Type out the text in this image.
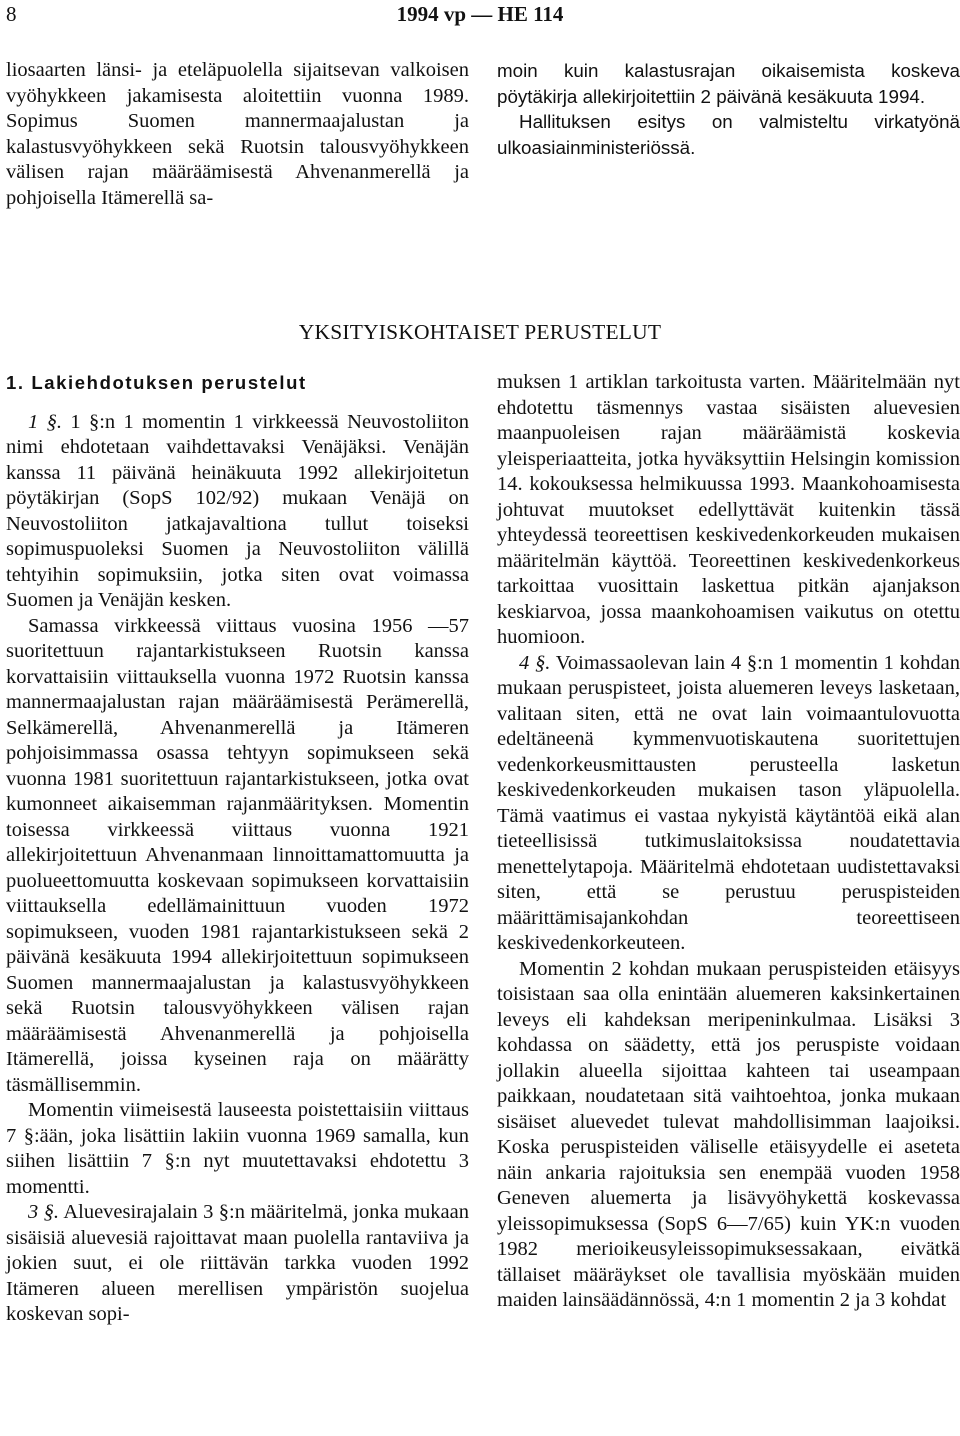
8	1994 vp — HE 114

liosaarten länsi- ja eteläpuolella sijaitsevan valkoisen vyöhykkeen jakamisesta aloitettiin vuonna 1989. Sopimus Suomen mannermaajalustan ja kalastusvyöhykkeen sekä Ruotsin talousvyöhykkeen välisen rajan määräämisestä Ahvenanmerellä ja pohjoisella Itämerellä sa-

moin kuin kalastusrajan oikaisemista koskeva pöytäkirja allekirjoitettiin 2 päivänä kesäkuuta 1994.

Hallituksen esitys on valmisteltu virkatyönä ulkoasiainministeriössä.

YKSITYISKOHTAISET PERUSTELUT

1. Lakiehdotuksen perustelut

1 §. 1 §:n 1 momentin 1 virkkeessä Neuvostoliiton nimi ehdotetaan vaihdettavaksi Venäjäksi. Venäjän kanssa 11 päivänä heinäkuuta 1992 allekirjoitetun pöytäkirjan (SopS 102/92) mukaan Venäjä on Neuvostoliiton jatkajavaltiona tullut toiseksi sopimuspuoleksi Suomen ja Neuvostoliiton välillä tehtyihin sopimuksiin, jotka siten ovat voimassa Suomen ja Venäjän kesken.

Samassa virkkeessä viittaus vuosina 1956 —57 suoritettuun rajantarkistukseen Ruotsin kanssa korvattaisiin viittauksella vuonna 1972 Ruotsin kanssa mannermaajalustan rajan määräämisestä Perämerellä, Selkämerellä, Ahvenanmerellä ja Itämeren pohjoisimmassa osassa tehtyyn sopimukseen sekä vuonna 1981 suoritettuun rajantarkistukseen, jotka ovat kumonneet aikaisemman rajanmäärityksen. Momentin toisessa virkkeessä viittaus vuonna 1921 allekirjoitettuun Ahvenanmaan linnoittamattomuutta ja puolueettomuutta koskevaan sopimukseen korvattaisiin viittauksella edellämainittuun vuoden 1972 sopimukseen, vuoden 1981 rajantarkistukseen sekä 2 päivänä kesäkuuta 1994 allekirjoitettuun sopimukseen Suomen mannermaajalustan ja kalastusvyöhykkeen sekä Ruotsin talousvyöhykkeen välisen rajan määräämisestä Ahvenanmerellä ja pohjoisella Itämerellä, joissa kyseinen raja on määrätty täsmällisemmin.

Momentin viimeisestä lauseesta poistettaisiin viittaus 7 §:ään, joka lisättiin lakiin vuonna 1969 samalla, kun siihen lisättiin 7 §:n nyt muutettavaksi ehdotettu 3 momentti.

3 §. Aluevesirajalain 3 §:n määritelmä, jonka mukaan sisäisiä aluevesiä rajoittavat maan puolella rantaviiva ja jokien suut, ei ole riittävän tarkka vuoden 1992 Itämeren alueen merellisen ympäristön suojelua koskevan sopi-

muksen 1 artiklan tarkoitusta varten. Määritelmään nyt ehdotettu täsmennys vastaa sisäisten aluevesien maanpuoleisen rajan määräämistä koskevia yleisperiaatteita, jotka hyväksyttiin Helsingin komission 14. kokouksessa helmikuussa 1993. Maankohoamisesta johtuvat muutokset edellyttävät kuitenkin tässä yhteydessä teoreettisen keskivedenkorkeuden mukaisen määritelmän käyttöä. Teoreettinen keskivedenkorkeus tarkoittaa vuosittain laskettua pitkän ajanjakson keskiarvoa, jossa maankohoamisen vaikutus on otettu huomioon.

4 §. Voimassaolevan lain 4 §:n 1 momentin 1 kohdan mukaan peruspisteet, joista aluemeren leveys lasketaan, valitaan siten, että ne ovat lain voimaantulovuotta edeltäneenä kymmenvuotiskautena suoritettujen vedenkorkeusmittausten perusteella lasketun keskivedenkorkeuden mukaisen tason yläpuolella. Tämä vaatimus ei vastaa nykyistä käytäntöä eikä alan tieteellisissä tutkimuslaitoksissa noudatettavia menettelytapoja. Määritelmä ehdotetaan uudistettavaksi siten, että se perustuu peruspisteiden määrittämisajankohdan teoreettiseen keskivedenkorkeuteen.

Momentin 2 kohdan mukaan peruspisteiden etäisyys toisistaan saa olla enintään aluemeren kaksinkertainen leveys eli kahdeksan meripeninkulmaa. Lisäksi 3 kohdassa on säädetty, että jos peruspiste voidaan jollakin alueella sijoittaa kahteen tai useampaan paikkaan, noudatetaan sitä vaihtoehtoa, jonka mukaan sisäiset aluevedet tulevat mahdollisimman laajoiksi. Koska peruspisteiden väliselle etäisyydelle ei aseteta näin ankaria rajoituksia sen enempää vuoden 1958 Geneven aluemerta ja lisävyöhykettä koskevassa yleissopimuksessa (SopS 6—7/65) kuin YK:n vuoden 1982 merioikeusyleissopimuksessakaan, eivätkä tällaiset määräykset ole tavallisia myöskään muiden maiden lainsäädännössä, 4:n 1 momentin 2 ja 3 kohdat
